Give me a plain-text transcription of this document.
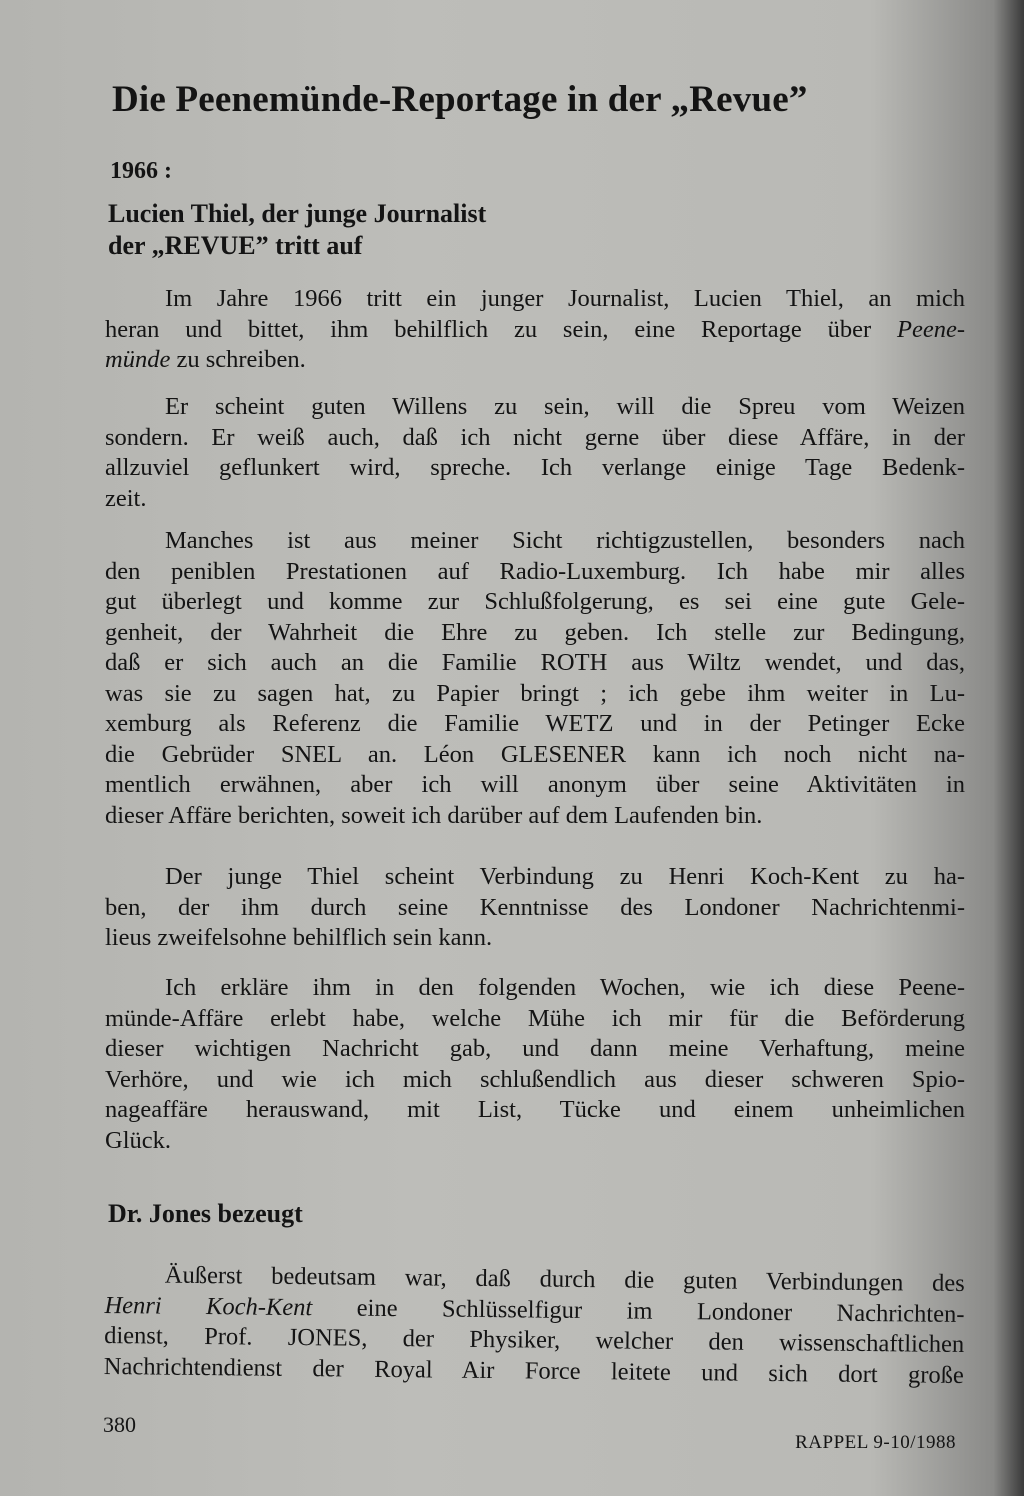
Die Peenemünde-Reportage in der „Revue”
1966 :
Lucien Thiel, der junge Journalist
der „REVUE” tritt auf
Dr. Jones bezeugt
Im Jahre 1966 tritt ein junger Journalist, Lucien Thiel, an mich
heran und bittet, ihm behilflich zu sein, eine Reportage über Peene-
münde zu schreiben.
Er scheint guten Willens zu sein, will die Spreu vom Weizen
sondern. Er weiß auch, daß ich nicht gerne über diese Affäre, in der
allzuviel geflunkert wird, spreche. Ich verlange einige Tage Bedenk-
zeit.
Manches ist aus meiner Sicht richtigzustellen, besonders nach
den peniblen Prestationen auf Radio-Luxemburg. Ich habe mir alles
gut überlegt und komme zur Schlußfolgerung, es sei eine gute Gele-
genheit, der Wahrheit die Ehre zu geben. Ich stelle zur Bedingung,
daß er sich auch an die Familie ROTH aus Wiltz wendet, und das,
was sie zu sagen hat, zu Papier bringt ; ich gebe ihm weiter in Lu-
xemburg als Referenz die Familie WETZ und in der Petinger Ecke
die Gebrüder SNEL an. Léon GLESENER kann ich noch nicht na-
mentlich erwähnen, aber ich will anonym über seine Aktivitäten in
dieser Affäre berichten, soweit ich darüber auf dem Laufenden bin.
Der junge Thiel scheint Verbindung zu Henri Koch-Kent zu ha-
ben, der ihm durch seine Kenntnisse des Londoner Nachrichtenmi-
lieus zweifelsohne behilflich sein kann.
Ich erkläre ihm in den folgenden Wochen, wie ich diese Peene-
münde-Affäre erlebt habe, welche Mühe ich mir für die Beförderung
dieser wichtigen Nachricht gab, und dann meine Verhaftung, meine
Verhöre, und wie ich mich schlußendlich aus dieser schweren Spio-
nageaffäre herauswand, mit List, Tücke und einem unheimlichen
Glück.
Äußerst bedeutsam war, daß durch die guten Verbindungen des
Henri Koch-Kent eine Schlüsselfigur im Londoner Nachrichten-
dienst, Prof. JONES, der Physiker, welcher den wissenschaftlichen
Nachrichtendienst der Royal Air Force leitete und sich dort große
380
RAPPEL 9-10/1988
